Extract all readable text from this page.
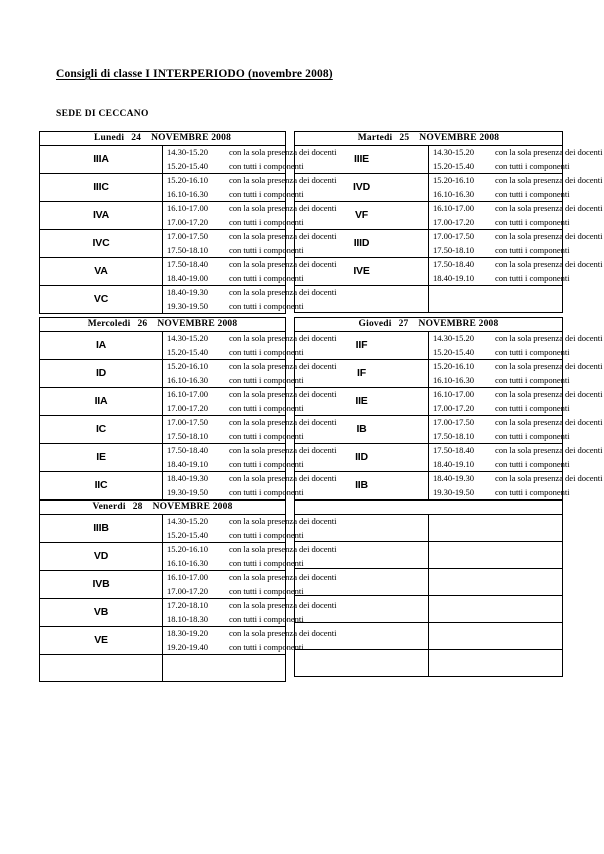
Consigli di classe I INTERPERIODO (novembre 2008)
SEDE DI CECCANO
Lunedi 24 NOVEMBRE 2008	
IIIA	14.30-15.20 con la sola presenza dei docenti
15.20-15.40 con tutti i componenti

IIIC	15.20-16.10 con la sola presenza dei docenti
16.10-16.30 con tutti i componenti

IVA	16.10-17.00 con la sola presenza dei docenti
17.00-17.20 con tutti i componenti

IVC	17.00-17.50 con la sola presenza dei docenti
17.50-18.10 con tutti i componenti

VA	17.50-18.40 con la sola presenza dei docenti
18.40-19.00 con tutti i componenti

VC	18.40-19.30 con la sola presenza dei docenti
19.30-19.50 con tutti i componenti
Martedi 25 NOVEMBRE 2008	
IIIE	14.30-15.20 con la sola presenza dei docenti
15.20-15.40 con tutti i componenti

IVD	15.20-16.10 con la sola presenza dei docenti
16.10-16.30 con tutti i componenti

VF	16.10-17.00 con la sola presenza dei docenti
17.00-17.20 con tutti i componenti

IIID	17.00-17.50 con la sola presenza dei docenti
17.50-18.10 con tutti i componenti

IVE	17.50-18.40 con la sola presenza dei docenti
18.40-19.10 con tutti i componenti

Mercoledi 26 NOVEMBRE 2008	
IA	14.30-15.20 con la sola presenza dei docenti
15.20-15.40 con tutti i componenti

ID	15.20-16.10 con la sola presenza dei docenti
16.10-16.30 con tutti i componenti

IIA	16.10-17.00 con la sola presenza dei docenti
17.00-17.20 con tutti i componenti

IC	17.00-17.50 con la sola presenza dei docenti
17.50-18.10 con tutti i componenti

IE	17.50-18.40 con la sola presenza dei docenti
18.40-19.10 con tutti i componenti

IIC	18.40-19.30 con la sola presenza dei docenti
19.30-19.50 con tutti i componenti
Giovedi 27 NOVEMBRE 2008	
IIF	14.30-15.20 con la sola presenza dei docenti
15.20-15.40 con tutti i componenti

IF	15.20-16.10 con la sola presenza dei docenti
16.10-16.30 con tutti i componenti

IIE	16.10-17.00 con la sola presenza dei docenti
17.00-17.20 con tutti i componenti

IB	17.00-17.50 con la sola presenza dei docenti
17.50-18.10 con tutti i componenti

IID	17.50-18.40 con la sola presenza dei docenti
18.40-19.10 con tutti i componenti

IIB	18.40-19.30 con la sola presenza dei docenti
19.30-19.50 con tutti i componenti
Venerdi 28 NOVEMBRE 2008	
IIIB	14.30-15.20 con la sola presenza dei docenti
15.20-15.40 con tutti i componenti

VD	15.20-16.10 con la sola presenza dei docenti
16.10-16.30 con tutti i componenti

IVB	16.10-17.00 con la sola presenza dei docenti
17.00-17.20 con tutti i componenti

VB	17.20-18.10 con la sola presenza dei docenti
18.10-18.30 con tutti i componenti

VE	18.30-19.20 con la sola presenza dei docenti
19.20-19.40 con tutti i componenti
